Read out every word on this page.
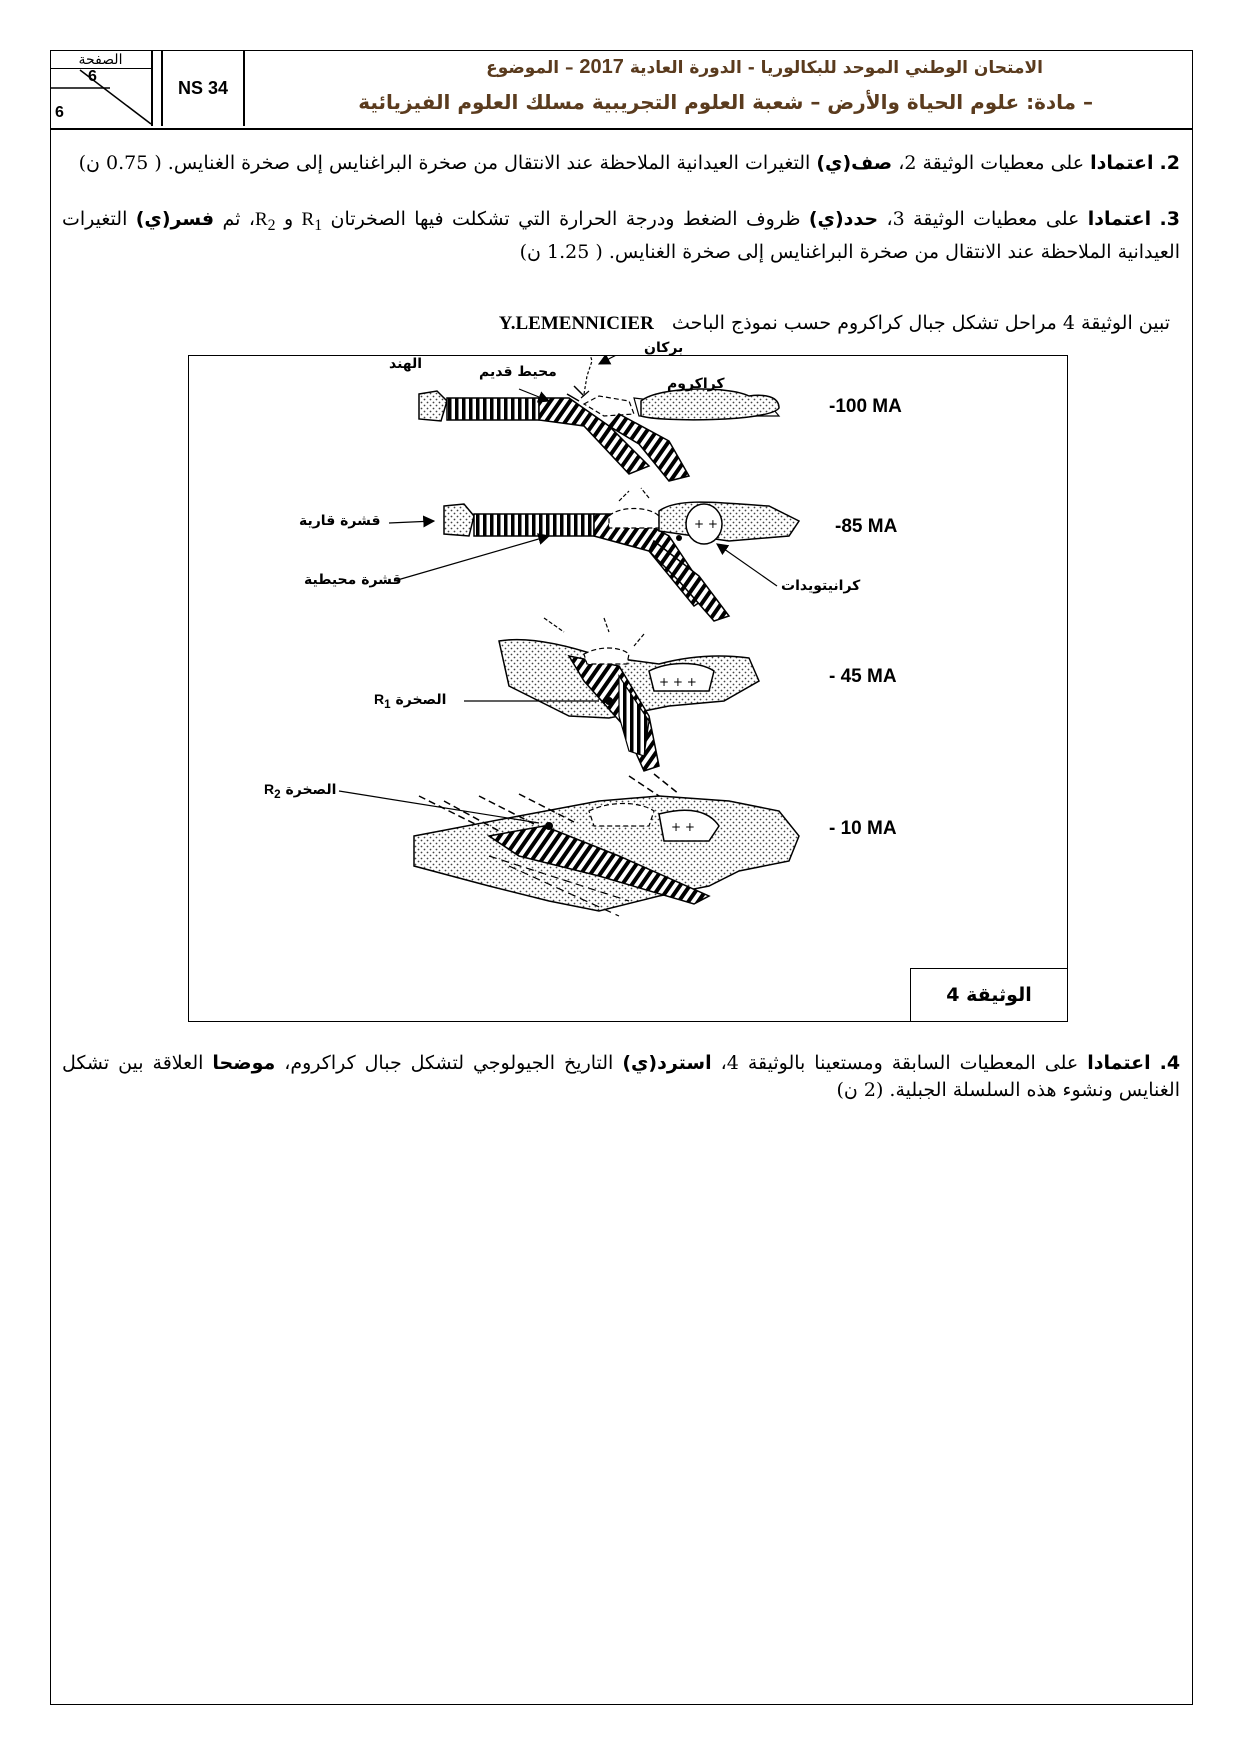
الصفحة
6
6
NS 34
الامتحان الوطني الموحد للبكالوريا - الدورة العادية 2017 – الموضوع
– مادة: علوم الحياة والأرض – شعبة العلوم التجريبية مسلك العلوم الفيزيائية
2. اعتمادا على معطيات الوثيقة 2، صف(ي) التغيرات العيدانية الملاحظة عند الانتقال من صخرة البراغنايس إلى صخرة الغنايس. ( 0.75 ن)
3. اعتمادا على معطيات الوثيقة 3، حدد(ي) ظروف الضغط ودرجة الحرارة التي تشكلت فيها الصخرتان $R_1$ و $R_2،$ ثم فسر(ي) التغيرات العيدانية الملاحظة عند الانتقال من صخرة البراغنايس إلى صخرة الغنايس. ( 1.25 ن)
تبين الوثيقة 4 مراحل تشكل جبال كراكروم حسب نموذج الباحث   Y.LEMENNICIER
+ +
+ + +
+ +
بركان
الهند	محيط قديم
كراكروم
قشرة قارية
قشرة محيطية	كرانيتويدات
الصخرة $R_1$
الصخرة $R_2$
-100 MA
-85 MA
- 45 MA
- 10 MA
الوثيقة 4
4. اعتمادا على المعطيات السابقة ومستعينا بالوثيقة 4، استرد(ي) التاريخ الجيولوجي لتشكل جبال كراكروم، موضحا العلاقة بين تشكل الغنايس ونشوء هذه السلسلة الجبلية. (2 ن)
